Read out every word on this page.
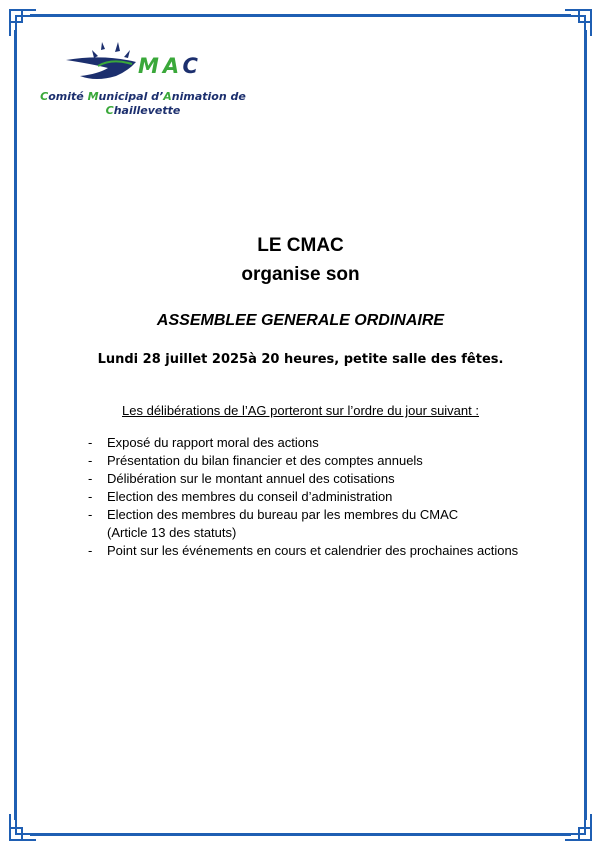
MAC
Comité Municipal d’Animation de
Chaillevette
LE CMAC
organise son
ASSEMBLEE GENERALE ORDINAIRE
Lundi 28 juillet 2025à 20 heures, petite salle des fêtes.
Les délibérations de l’AG porteront sur l’ordre du jour suivant :
- Exposé du rapport moral des actions
- Présentation du bilan financier et des comptes annuels
- Délibération sur le montant annuel des cotisations
- Election des membres du conseil d’administration
- Election des membres du bureau par les membres du CMAC (Article 13 des statuts)
- Point sur les événements en cours et calendrier des prochaines actions
